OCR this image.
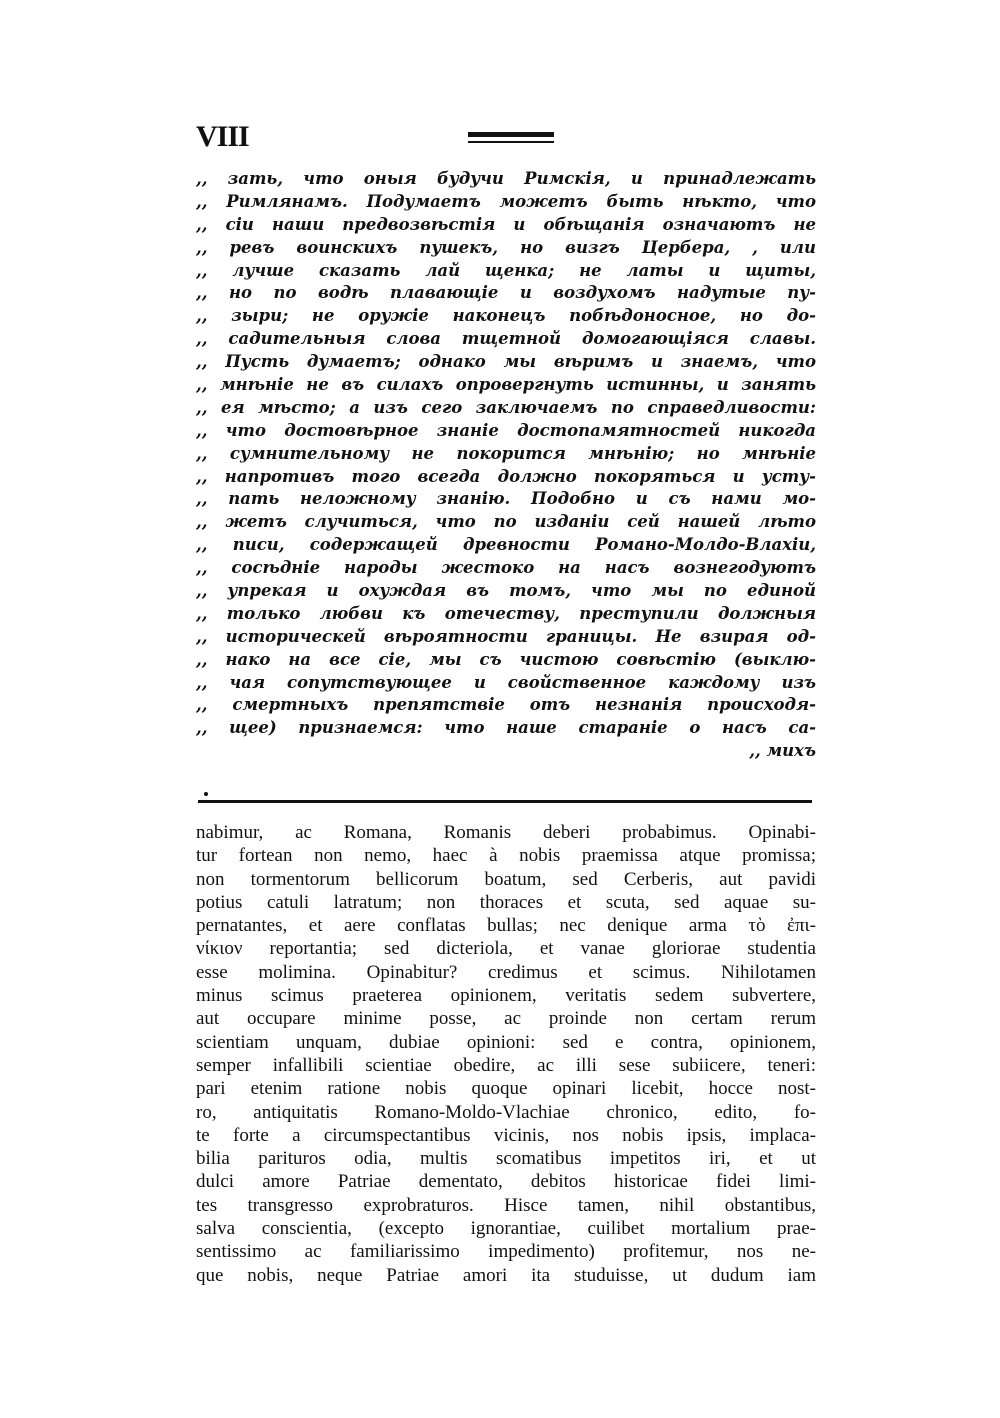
VIII
,, зать, что оныя будучи Римскія, и принадлежать
,, Римлянамъ. Подумаетъ можетъ быть нѣкто, что
,, сіи наши предвозвѣстія и обѣщанія означаютъ не
,, ревъ воинскихъ пушекъ, но визгъ Цербера, , или
,, лучше сказать лай щенка; не латы и щиты,
,, но по водѣ плавающіе и воздухомъ надутые пу-
,, зыри; не оружіе наконецъ побѣдоносное, но до-
,, садительныя слова тщетной домогающіяся славы.
,, Пусть думаетъ; однако мы вѣримъ и знаемъ, что
,, мнѣніе не въ силахъ опровергнуть истинны, и занять
,, ея мѣсто; а изъ сего заключаемъ по справедливости:
,, что достовѣрное знаніе достопамятностей никогда
,, сумнительному не покорится мнѣнію; но мнѣніе
,, напротивъ того всегда должно покоряться и усту-
,, пать неложному знанію. Подобно и съ нами мо-
,, жетъ случиться, что по изданіи сей нашей лѣто
,, писи, содержащей древности Романо-Молдо-Влахіи,
,, сосѣдніе народы жестоко на насъ вознегодуютъ
,, упрекая и охуждая въ томъ, что мы по единой
,, только любви къ отечеству, преступили должныя
,, историческей вѣроятности границы. Не взирая од-
,, нако на все сіе, мы съ чистою совѣстію (выклю-
,, чая сопутствующее и свойственное каждому изъ
,, смертныхъ препятствіе отъ незнанія происходя-
,, щее) признаемся: что наше стараніе о насъ са-
,, михъ
nabimur, ac Romana, Romanis deberi probabimus. Opinabi-
tur fortean non nemo, haec à nobis praemissa atque promissa;
non tormentorum bellicorum boatum, sed Cerberis, aut pavidi
potius catuli latratum; non thoraces et scuta, sed aquae su-
pernatantes, et aere conflatas bullas; nec denique arma τὸ ἐπι-
νίκιον reportantia; sed dicteriola, et vanae gloriorae studentia
esse molimina. Opinabitur? credimus et scimus. Nihilotamen
minus scimus praeterea opinionem, veritatis sedem subvertere,
aut occupare minime posse, ac proinde non certam rerum
scientiam unquam, dubiae opinioni: sed e contra, opinionem,
semper infallibili scientiae obedire, ac illi sese subiicere, teneri:
pari etenim ratione nobis quoque opinari licebit, hocce nost-
ro, antiquitatis Romano-Moldo-Vlachiae chronico, edito, fo-
te forte a circumspectantibus vicinis, nos nobis ipsis, implaca-
bilia parituros odia, multis scomatibus impetitos iri, et ut
dulci amore Patriae dementato, debitos historicae fidei limi-
tes transgresso exprobraturos. Hisce tamen, nihil obstantibus,
salva conscientia, (excepto ignorantiae, cuilibet mortalium prae-
sentissimo ac familiarissimo impedimento) profitemur, nos ne-
que nobis, neque Patriae amori ita studuisse, ut dudum iam
